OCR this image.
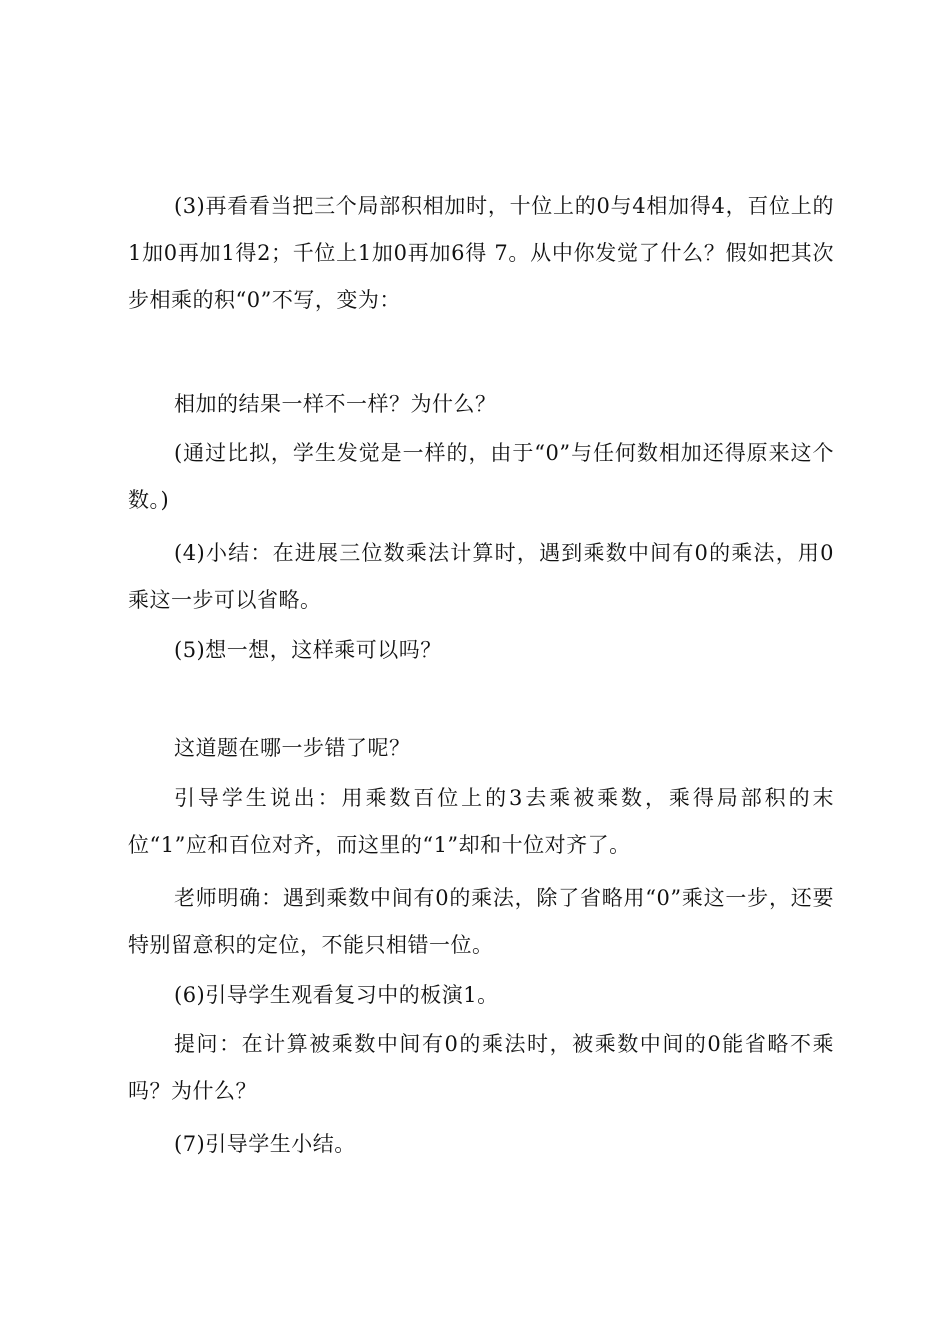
(3)再看看当把三个局部积相加时，十位上的0与4相加得4，百位上的1加0再加1得2；千位上1加0再加6得 7。从中你发觉了什么？假如把其次步相乘的积“0”不写，变为：

相加的结果一样不一样？为什么？

(通过比拟，学生发觉是一样的，由于“0”与任何数相加还得原来这个数。)

(4)小结：在进展三位数乘法计算时，遇到乘数中间有0的乘法，用0乘这一步可以省略。

(5)想一想，这样乘可以吗？

这道题在哪一步错了呢？

引导学生说出：用乘数百位上的3去乘被乘数，乘得局部积的末位“1”应和百位对齐，而这里的“1”却和十位对齐了。

老师明确：遇到乘数中间有0的乘法，除了省略用“0”乘这一步，还要特别留意积的定位，不能只相错一位。

(6)引导学生观看复习中的板演1。

提问：在计算被乘数中间有0的乘法时，被乘数中间的0能省略不乘吗？为什么？

(7)引导学生小结。
